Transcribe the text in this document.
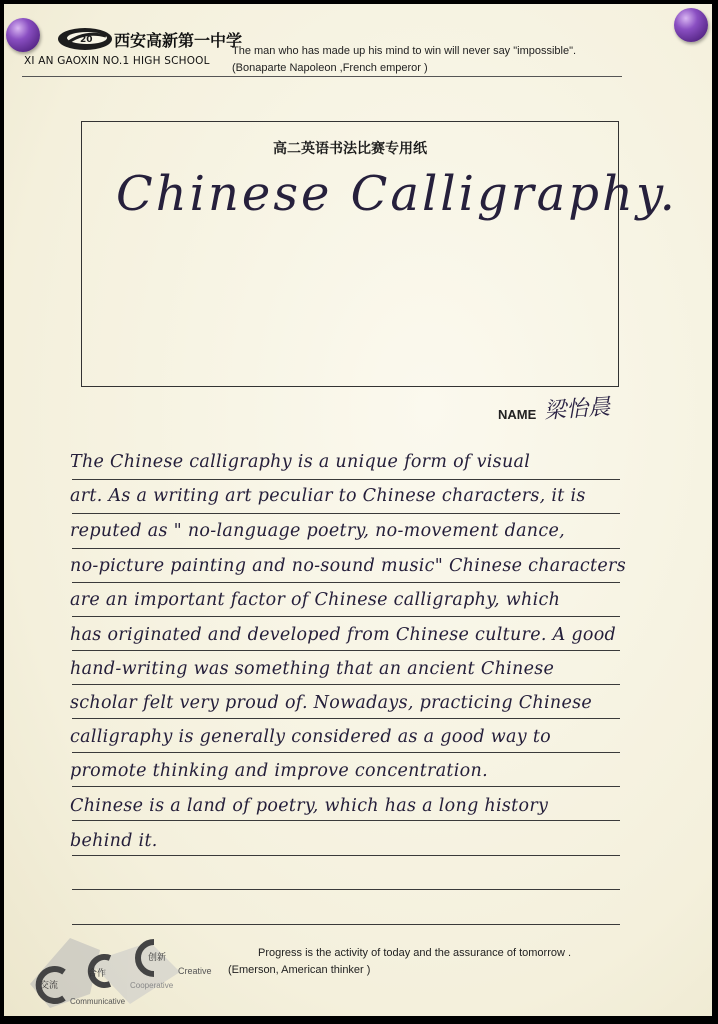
20 西安高新第一中学
XI AN GAOXIN NO.1 HIGH SCHOOL
The man who has made up his mind to win will never say "impossible".
(Bonaparte Napoleon ,French emperor )
高二英语书法比赛专用纸
Chinese Calligraphy.
NAME 梁怡晨
The Chinese calligraphy is a unique form of visual
art. As a writing art peculiar to Chinese characters, it is
reputed as " no-language poetry, no-movement dance,
no-picture painting and no-sound music" Chinese characters
are an important factor of Chinese calligraphy, which
has originated and developed from Chinese culture. A good
hand-writing was something that an ancient Chinese
scholar felt very proud of. Nowadays, practicing Chinese
calligraphy is generally considered as a good way to
promote thinking and improve concentration.
Chinese is a land of poetry, which has a long history
behind it.
交流
合作
创新
Creative
Cooperative
Communicative
Progress is the activity of today and the assurance of tomorrow .
(Emerson, American thinker )
